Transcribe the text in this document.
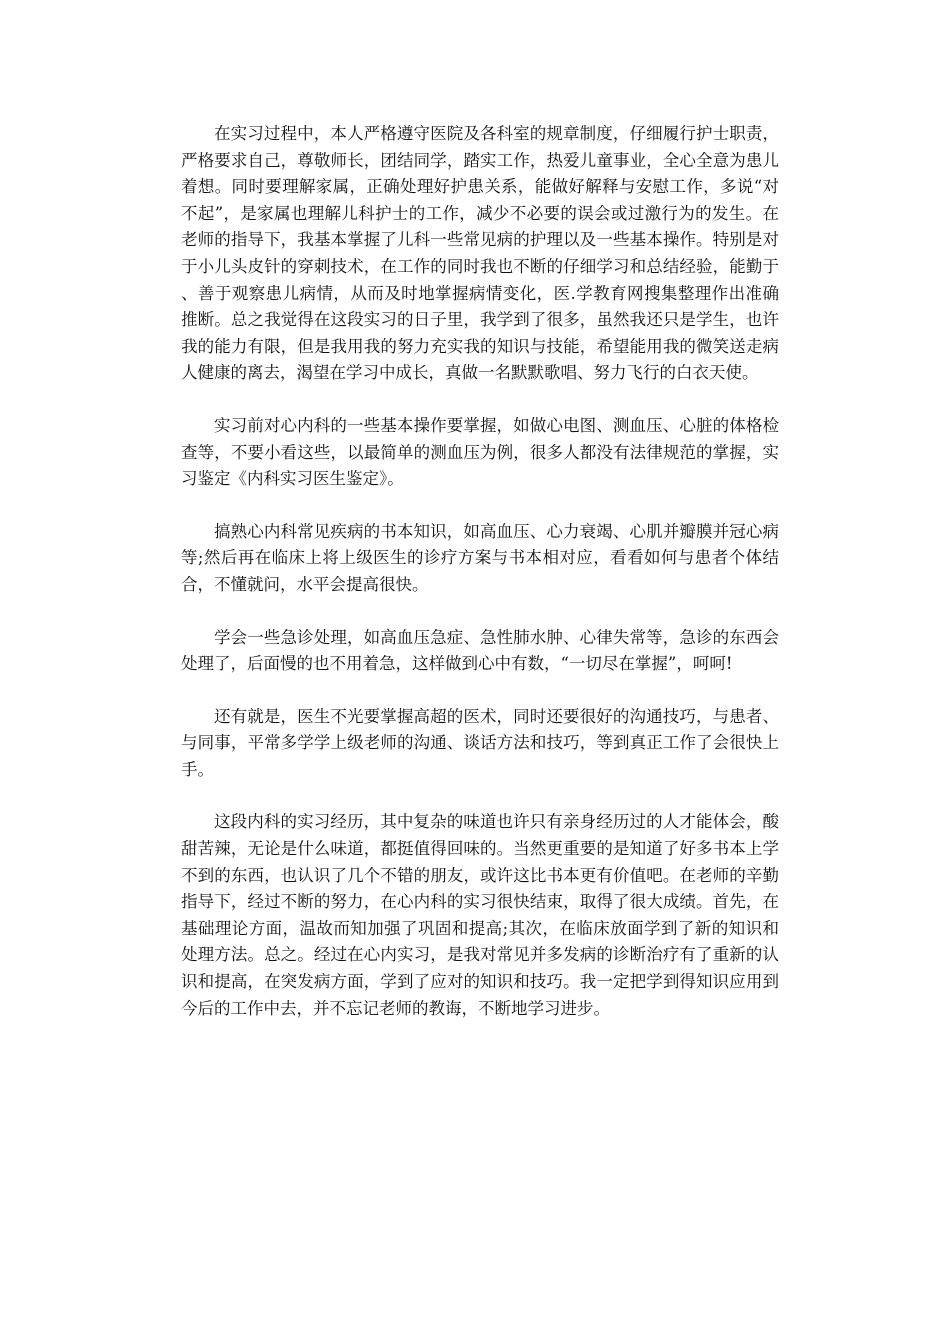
在实习过程中，本人严格遵守医院及各科室的规章制度，仔细履行护士职责，严格要求自己，尊敬师长，团结同学，踏实工作，热爱儿童事业，全心全意为患儿着想。同时要理解家属，正确处理好护患关系，能做好解释与安慰工作，多说“对不起”，是家属也理解儿科护士的工作，减少不必要的误会或过激行为的发生。在老师的指导下，我基本掌握了儿科一些常见病的护理以及一些基本操作。特别是对于小儿头皮针的穿刺技术，在工作的同时我也不断的仔细学习和总结经验，能勤于、善于观察患儿病情，从而及时地掌握病情变化，医.学教育网搜集整理作出准确推断。总之我觉得在这段实习的日子里，我学到了很多，虽然我还只是学生，也许我的能力有限，但是我用我的努力充实我的知识与技能，希望能用我的微笑送走病人健康的离去，渴望在学习中成长，真做一名默默歌唱、努力飞行的白衣天使。

实习前对心内科的一些基本操作要掌握，如做心电图、测血压、心脏的体格检查等，不要小看这些，以最简单的测血压为例，很多人都没有法律规范的掌握，实习鉴定《内科实习医生鉴定》。

搞熟心内科常见疾病的书本知识，如高血压、心力衰竭、心肌并瓣膜并冠心病等;然后再在临床上将上级医生的诊疗方案与书本相对应，看看如何与患者个体结合，不懂就问，水平会提高很快。

学会一些急诊处理，如高血压急症、急性肺水肿、心律失常等，急诊的东西会处理了，后面慢的也不用着急，这样做到心中有数，“一切尽在掌握”，呵呵!

还有就是，医生不光要掌握高超的医术，同时还要很好的沟通技巧，与患者、与同事，平常多学学上级老师的沟通、谈话方法和技巧，等到真正工作了会很快上手。

这段内科的实习经历，其中复杂的味道也许只有亲身经历过的人才能体会，酸甜苦辣，无论是什么味道，都挺值得回味的。当然更重要的是知道了好多书本上学不到的东西，也认识了几个不错的朋友，或许这比书本更有价值吧。在老师的辛勤指导下，经过不断的努力，在心内科的实习很快结束，取得了很大成绩。首先，在基础理论方面，温故而知加强了巩固和提高;其次，在临床放面学到了新的知识和处理方法。总之。经过在心内实习，是我对常见并多发病的诊断治疗有了重新的认识和提高，在突发病方面，学到了应对的知识和技巧。我一定把学到得知识应用到今后的工作中去，并不忘记老师的教诲，不断地学习进步。
